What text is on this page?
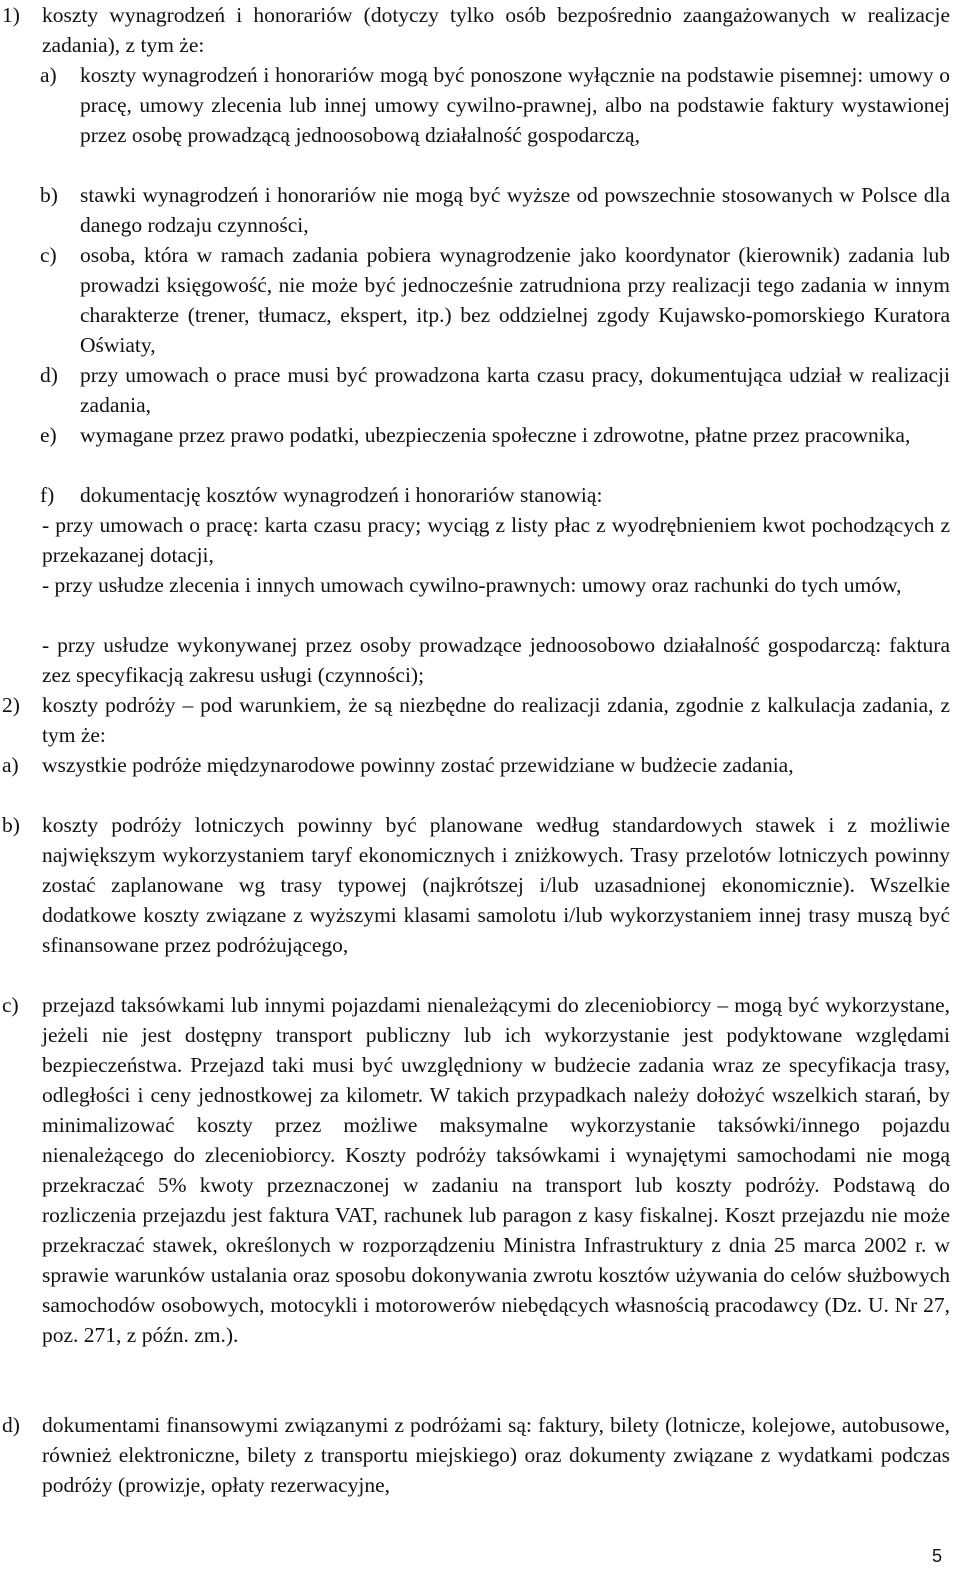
1) koszty wynagrodzeń i honorariów (dotyczy tylko osób bezpośrednio zaangażowanych w realizacje zadania), z tym że:

a) koszty wynagrodzeń i honorariów mogą być ponoszone wyłącznie na podstawie pisemnej: umowy o pracę, umowy zlecenia lub innej umowy cywilno-prawnej, albo na podstawie faktury wystawionej przez osobę prowadzącą jednoosobową działalność gospodarczą,

b) stawki wynagrodzeń i honorariów nie mogą być wyższe od powszechnie stosowanych w Polsce dla danego rodzaju czynności,

c) osoba, która w ramach zadania pobiera wynagrodzenie jako koordynator (kierownik) zadania lub prowadzi księgowość, nie może być jednocześnie zatrudniona przy realizacji tego zadania w innym charakterze (trener, tłumacz, ekspert, itp.) bez oddzielnej zgody Kujawsko-pomorskiego Kuratora Oświaty,

d) przy umowach o prace musi być prowadzona karta czasu pracy, dokumentująca udział w realizacji zadania,

e) wymagane przez prawo podatki, ubezpieczenia społeczne i zdrowotne, płatne przez pracownika,

f) dokumentację kosztów wynagrodzeń i honorariów stanowią:

- przy umowach o pracę: karta czasu pracy; wyciąg z listy płac z wyodrębnieniem kwot pochodzących z przekazanej dotacji,
- przy usłudze zlecenia i innych umowach cywilno-prawnych: umowy oraz rachunki do tych umów,
- przy usłudze wykonywanej przez osoby prowadzące jednoosobowo działalność gospodarczą: faktura zez specyfikacją zakresu usługi (czynności);
2) koszty podróży – pod warunkiem, że są niezbędne do realizacji zdania, zgodnie z kalkulacja zadania, z tym że:

a) wszystkie podróże międzynarodowe powinny zostać przewidziane w budżecie zadania,

b) koszty podróży lotniczych powinny być planowane według standardowych stawek i z możliwie największym wykorzystaniem taryf ekonomicznych i zniżkowych. Trasy przelotów lotniczych powinny zostać zaplanowane wg trasy typowej (najkrótszej i/lub uzasadnionej ekonomicznie). Wszelkie dodatkowe koszty związane z wyższymi klasami samolotu i/lub wykorzystaniem innej trasy muszą być sfinansowane przez podróżującego,

c) przejazd taksówkami lub innymi pojazdami nienależącymi do zleceniobiorcy – mogą być wykorzystane, jeżeli nie jest dostępny transport publiczny lub ich wykorzystanie jest podyktowane względami bezpieczeństwa. Przejazd taki musi być uwzględniony w budżecie zadania wraz ze specyfikacja trasy, odległości i ceny jednostkowej za kilometr. W takich przypadkach należy dołożyć wszelkich starań, by minimalizować koszty przez możliwe maksymalne wykorzystanie taksówki/innego pojazdu nienależącego do zleceniobiorcy. Koszty podróży taksówkami i wynajętymi samochodami nie mogą przekraczać 5% kwoty przeznaczonej w zadaniu na transport lub koszty podróży. Podstawą do rozliczenia przejazdu jest faktura VAT, rachunek lub paragon z kasy fiskalnej. Koszt przejazdu nie może przekraczać stawek, określonych w rozporządzeniu Ministra Infrastruktury z dnia 25 marca 2002 r. w sprawie warunków ustalania oraz sposobu dokonywania zwrotu kosztów używania do celów służbowych samochodów osobowych, motocykli i motorowerów niebędących własnością pracodawcy (Dz. U. Nr 27, poz. 271, z późn. zm.).

d) dokumentami finansowymi związanymi z podróżami są: faktury, bilety (lotnicze, kolejowe, autobusowe, również elektroniczne, bilety z transportu miejskiego) oraz dokumenty związane z wydatkami podczas podróży (prowizje, opłaty rezerwacyjne,

5
